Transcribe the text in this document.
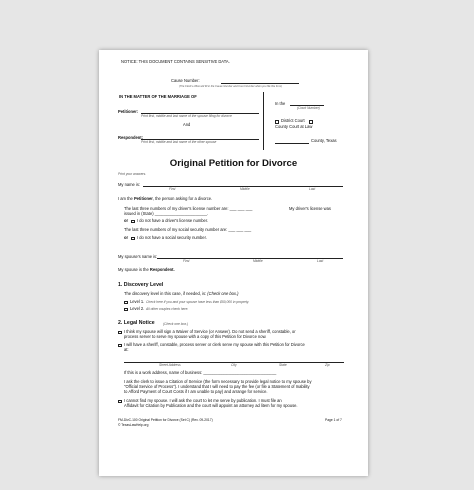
NOTICE: THIS DOCUMENT CONTAINS SENSITIVE DATA.
Cause Number:
(The Clerk's office will fill in the Cause Number and Court Number when you file this form)
IN THE MATTER OF THE MARRIAGE OF
Petitioner:
Print first, middle and last name of the spouse filing for divorce
And
Respondent:
Print first, middle and last name of the other spouse
In the
(Court Number)
District Court
County Court at Law
County, Texas
Original Petition for Divorce
Print your answers.
My name is:
First	Middle	Last
I am the Petitioner, the person asking for a divorce.
The last three numbers of my driver's license number are: ___ ___ ___	My driver's license was
issued in (State) _______________________.
or I do not have a driver's license number.
The last three numbers of my social security number are: ___ ___ ___
or I do not have a social security number.
My spouse's name is:
First	Middle	Last
My spouse is the Respondent.
1. Discovery Level
The discovery level in this case, if needed, is: (Check one box.)
Level 1. Check here if you and your spouse have less than $50,000 in property.
Level 2. All other couples check here.
2. Legal Notice	(Check one box.)
I think my spouse will sign a Waiver of Service (or Answer). Do not send a sheriff, constable, or
process server to serve my spouse with a copy of this Petition for Divorce now.
I will have a sheriff, constable, process server or clerk serve my spouse with this Petition for Divorce
at:
Street Address	City	State	Zip
If this is a work address, name of business: ________________________________
I ask the clerk to issue a Citation of Service (the form necessary to provide legal notice to my spouse by
"Official Service of Process"). I understand that I will need to pay the fee (or file a Statement of Inability
to Afford Payment of Court Costs if I am unable to pay) and arrange for service.
I cannot find my spouse. I will ask the court to let me serve by publication. I must file an
Affidavit for Citation by Publication and the court will appoint an attorney ad litem for my spouse.
FM-DivC-100 Original Petition for Divorce (Set C) (Rev. 09-2017)	Page 1 of 7
© TexasLawHelp.org
